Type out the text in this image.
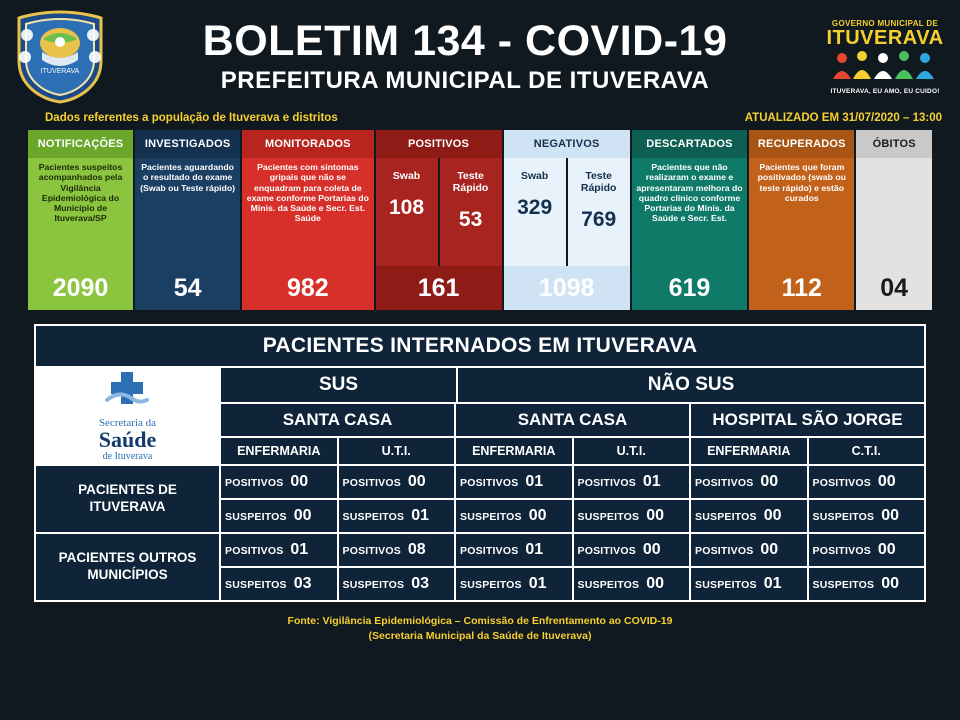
ITUVERAVA
BOLETIM 134 - COVID-19
PREFEITURA MUNICIPAL DE ITUVERAVA
GOVERNO MUNICIPAL DE
ITUVERAVA
ITUVERAVA, EU AMO, EU CUIDO!
Dados referentes a população de Ituverava e distritos	ATUALIZADO EM 31/07/2020 – 13:00
NOTIFICAÇÕES
Pacientes suspeitos acompanhados pela Vigilância Epidemiológica do Município de Ituverava/SP
2090
INVESTIGADOS
Pacientes aguardando o resultado do exame (Swab ou Teste rápido)
54
MONITORADOS
Pacientes com sintomas gripais que não se enquadram para coleta de exame conforme Portarias do Minis. da Saúde e Secr. Est. Saúde
982
POSITIVOS
Swab
108
Teste Rápido
53
161
NEGATIVOS
Swab
329
Teste Rápido
769
1098
DESCARTADOS
Pacientes que não realizaram o exame e apresentaram melhora do quadro clínico conforme Portarias do Minis. da Saúde e Secr. Est.
619
RECUPERADOS
Pacientes que foram positivados (swab ou teste rápido) e estão curados
112
ÓBITOS
04
PACIENTES INTERNADOS EM ITUVERAVA
Secretaria da
Saúde
de Ituverava
SUS	NÃO SUS
SANTA CASA	SANTA CASA	HOSPITAL SÃO JORGE
ENFERMARIA	U.T.I.	ENFERMARIA	U.T.I.	ENFERMARIA	C.T.I.
PACIENTES DE ITUVERAVA
POSITIVOS 00	POSITIVOS 00	POSITIVOS 01	POSITIVOS 01	POSITIVOS 00	POSITIVOS 00
SUSPEITOS 00	SUSPEITOS 01	SUSPEITOS 00	SUSPEITOS 00	SUSPEITOS 00	SUSPEITOS 00
PACIENTES OUTROS MUNICÍPIOS
POSITIVOS 01	POSITIVOS 08	POSITIVOS 01	POSITIVOS 00	POSITIVOS 00	POSITIVOS 00
SUSPEITOS 03	SUSPEITOS 03	SUSPEITOS 01	SUSPEITOS 00	SUSPEITOS 01	SUSPEITOS 00
Fonte: Vigilância Epidemiológica – Comissão de Enfrentamento ao COVID-19
(Secretaria Municipal da Saúde de Ituverava)
